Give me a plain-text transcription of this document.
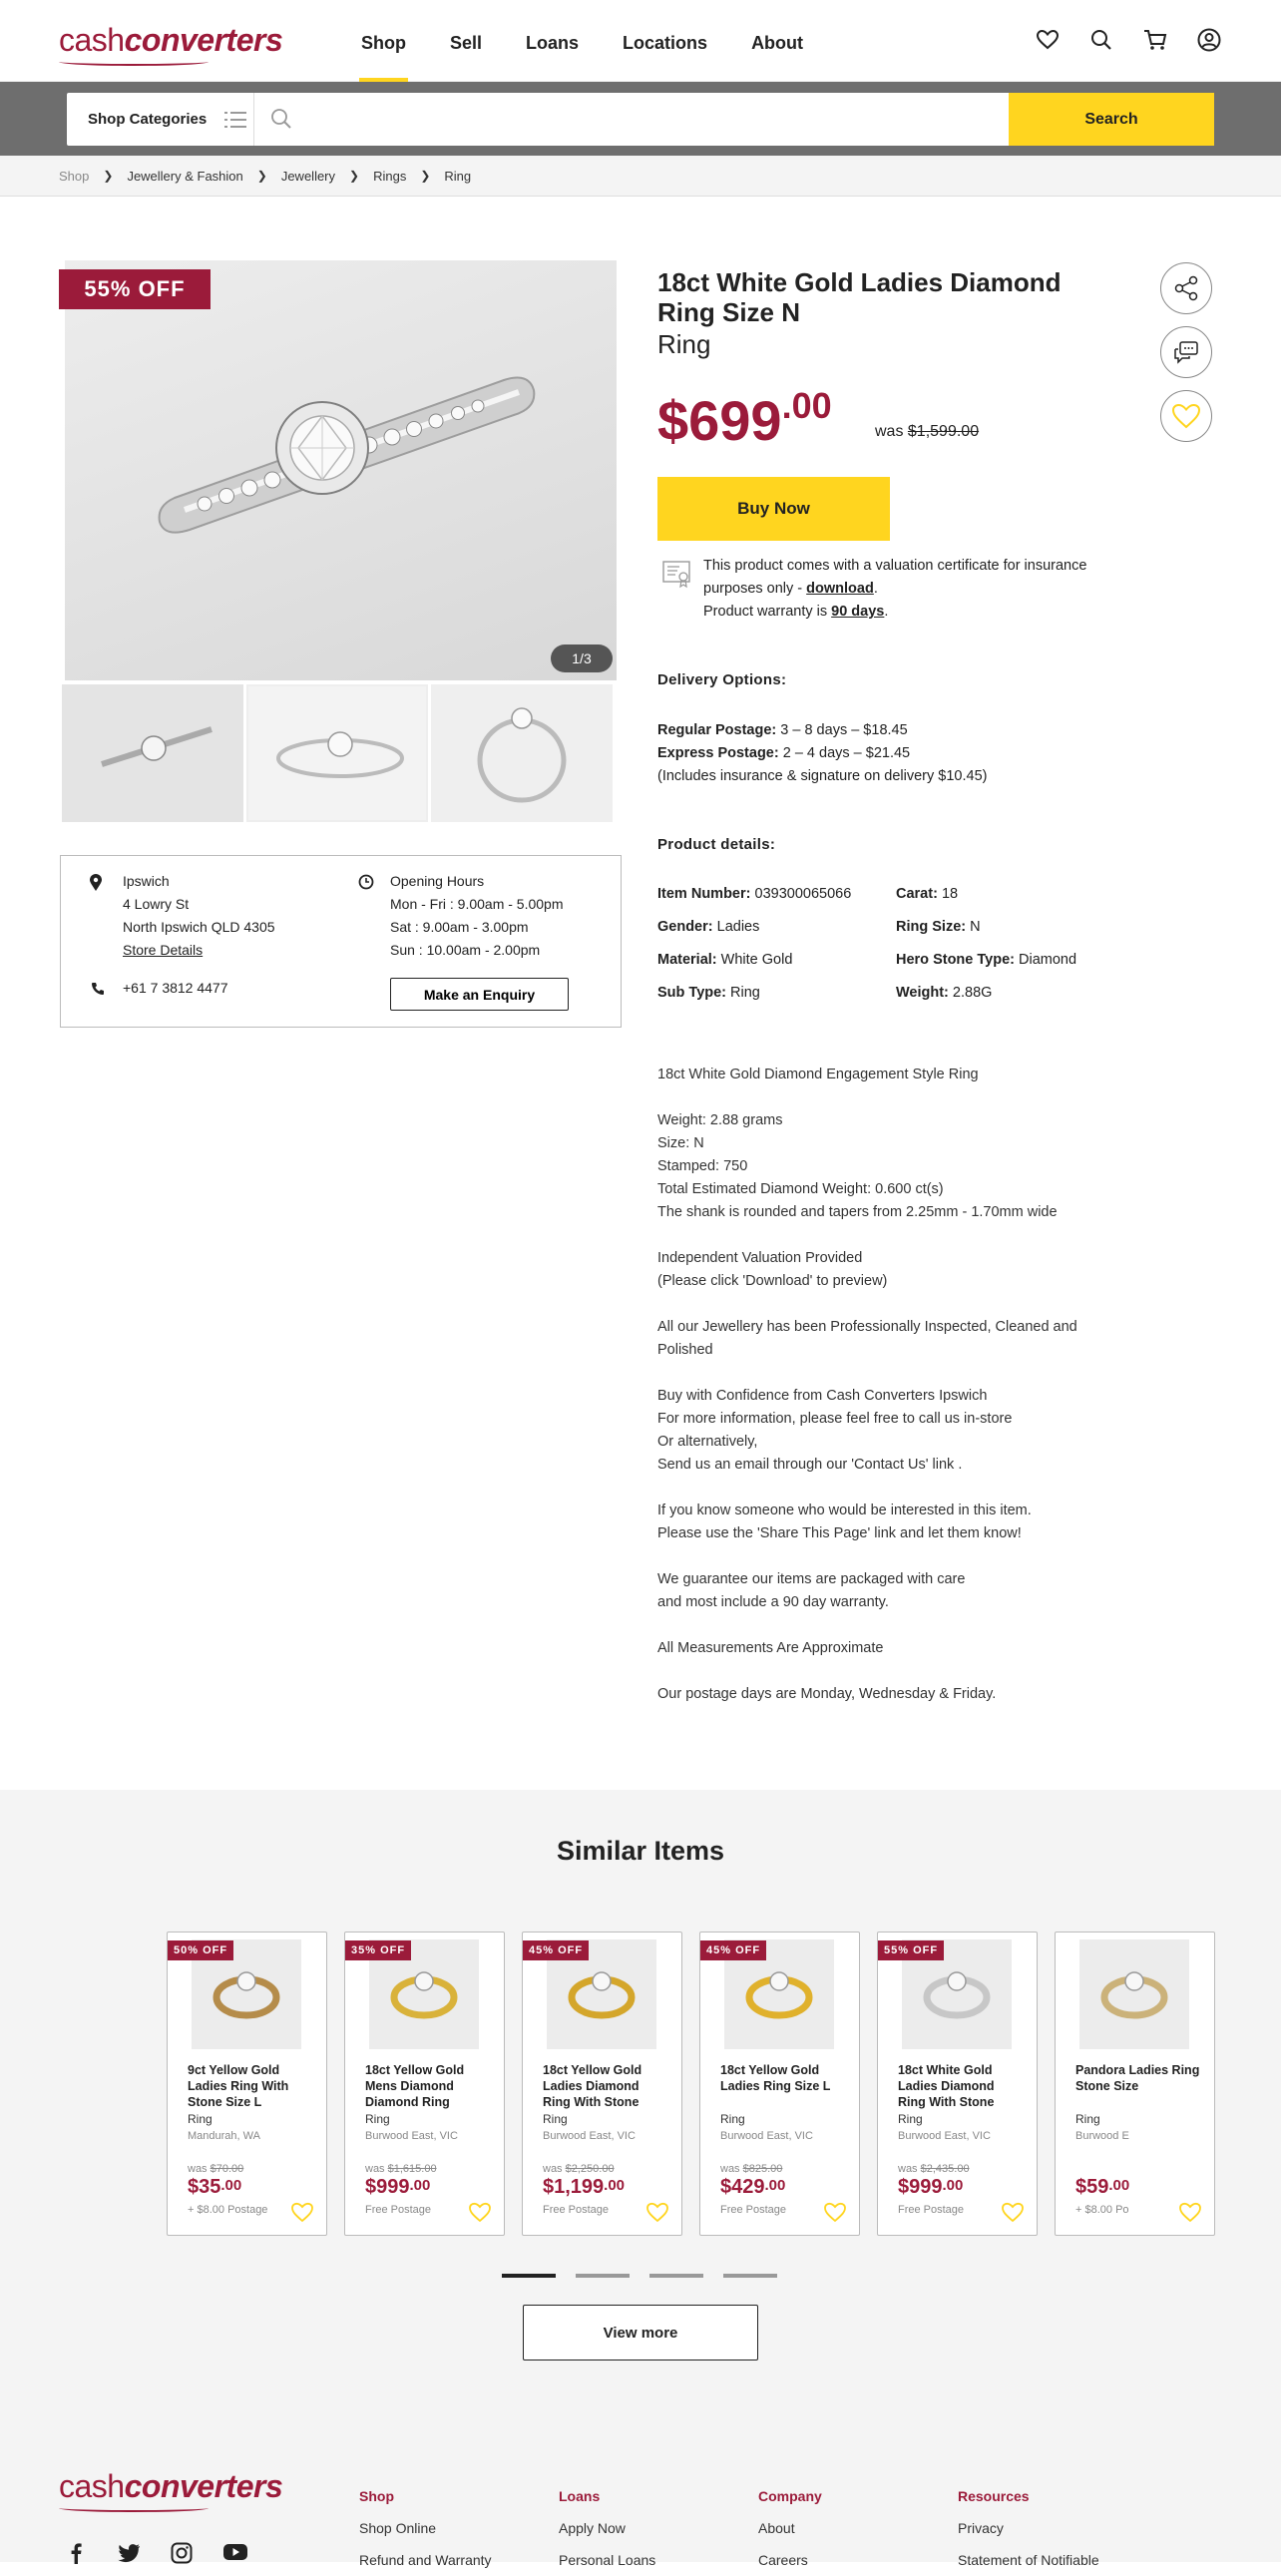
cashconverters	Shop	Sell	Loans	Locations	About
Shop Categories	Search
Shop ❯ Jewellery & Fashion ❯ Jewellery ❯ Rings ❯ Ring
55% OFF
1/3
Ipswich
4 Lowry St
North Ipswich QLD 4305
Store Details
Opening Hours
Mon - Fri : 9.00am - 5.00pm
Sat : 9.00am - 3.00pm
Sun : 10.00am - 2.00pm
+61 7 3812 4477	Make an Enquiry
18ct White Gold Ladies Diamond Ring Size N
Ring
$699.00
was $1,599.00
Buy Now
This product comes with a valuation certificate for insurance purposes only - download.
Product warranty is 90 days.
Delivery Options:
Regular Postage: 3 – 8 days – $18.45
Express Postage: 2 – 4 days – $21.45
(Includes insurance & signature on delivery $10.45)
Product details:
Item Number: 039300065066	Carat: 18
Gender: Ladies	Ring Size: N
Material: White Gold	Hero Stone Type: Diamond
Sub Type: Ring	Weight: 2.88G

18ct White Gold Diamond Engagement Style Ring

Weight: 2.88 grams
Size: N
Stamped: 750
Total Estimated Diamond Weight: 0.600 ct(s)
The shank is rounded and tapers from 2.25mm - 1.70mm wide

Independent Valuation Provided
(Please click 'Download' to preview)

All our Jewellery has been Professionally Inspected, Cleaned and Polished

Buy with Confidence from Cash Converters Ipswich
For more information, please feel free to call us in-store
Or alternatively,
Send us an email through our 'Contact Us' link .

If you know someone who would be interested in this item.
Please use the 'Share This Page' link and let them know!

We guarantee our items are packaged with care
and most include a 90 day warranty.

All Measurements Are Approximate

Our postage days are Monday, Wednesday & Friday.

Similar Items
50% OFF
9ct Yellow Gold Ladies Ring With Stone Size L
Ring
Mandurah, WA
was $70.00
$35.00
+ $8.00 Postage
35% OFF
18ct Yellow Gold Mens Diamond Diamond Ring
Ring
Burwood East, VIC
was $1,615.00
$999.00
Free Postage
45% OFF
18ct Yellow Gold Ladies Diamond Ring With Stone
Ring
Burwood East, VIC
was $2,250.00
$1,199.00
Free Postage
45% OFF
18ct Yellow Gold Ladies Ring Size L
Ring
Burwood East, VIC
was $825.00
$429.00
Free Postage
55% OFF
18ct White Gold Ladies Diamond Ring With Stone
Ring
Burwood East, VIC
was $2,435.00
$999.00
Free Postage
Pandora Ladies Ring Stone Size
Ring
Burwood E
$59.00
+ $8.00 Po
View more
cashconverters	Shop
Shop Online
Refund and Warranty
Loans
Apply Now
Personal Loans
Company
About
Careers
Resources
Privacy
Statement of Notifiable
